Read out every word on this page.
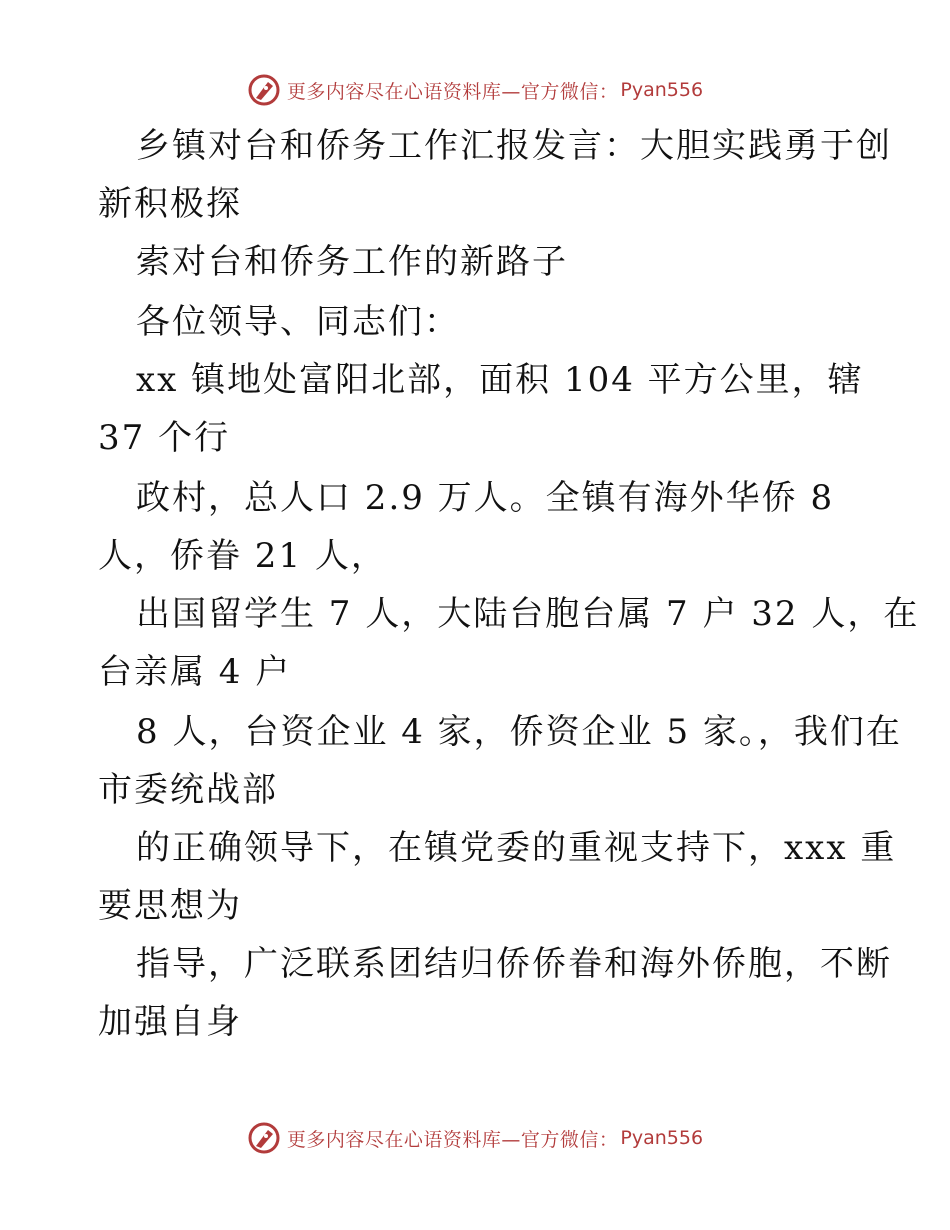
更多内容尽在心语资料库—官方微信： Pyan556
乡镇对台和侨务工作汇报发言：大胆实践勇于创
新积极探
索对台和侨务工作的新路子
各位领导、同志们：
xx 镇地处富阳北部，面积 104 平方公里，辖
37 个行
政村，总人口 2.9 万人。全镇有海外华侨 8
人，侨眷 21 人，
出国留学生 7 人，大陆台胞台属 7 户 32 人，在
台亲属 4 户
8 人，台资企业 4 家，侨资企业 5 家。，我们在
市委统战部
的正确领导下，在镇党委的重视支持下，xxx 重
要思想为
指导，广泛联系团结归侨侨眷和海外侨胞，不断
加强自身
更多内容尽在心语资料库—官方微信： Pyan556
